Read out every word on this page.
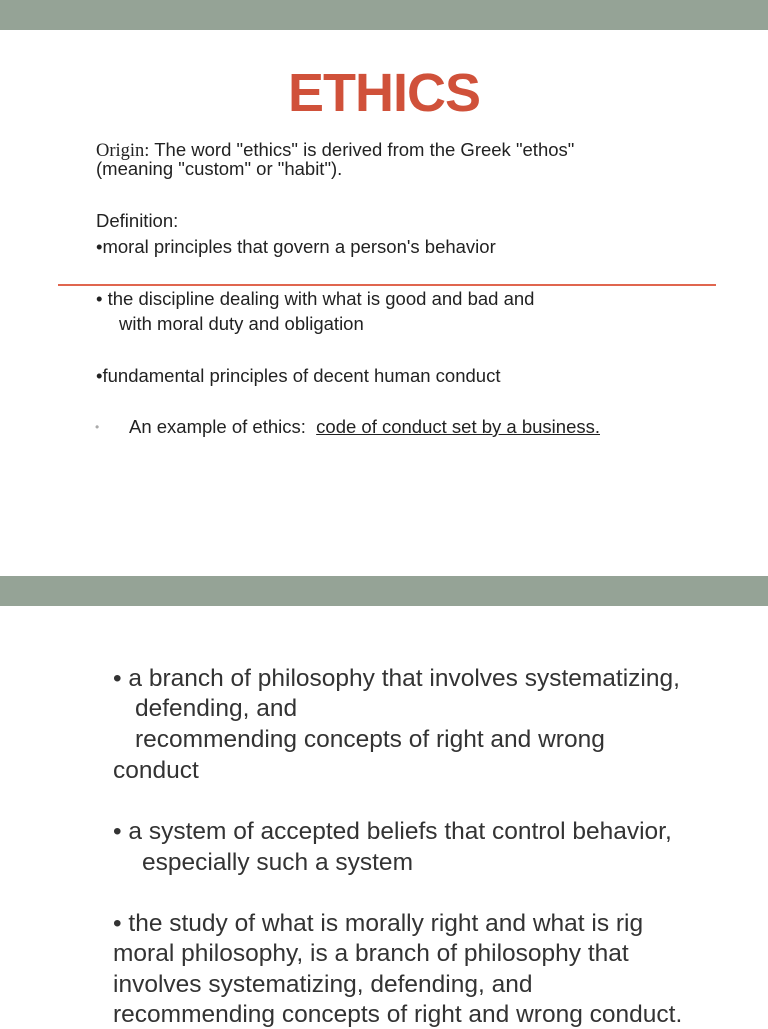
ETHICS
Origin: The word "ethics" is derived from the Greek "ethos"
(meaning "custom" or "habit").
Definition:
•moral principles that govern a person's behavior
• the discipline dealing with what is good and bad and
with moral duty and obligation
•fundamental principles of decent human conduct
• An example of ethics: code of conduct set by a business.
• a branch of philosophy that involves systematizing,
defending, and
recommending concepts of right and wrong
conduct
• a system of accepted beliefs that control behavior,
especially such a system
• the study of what is morally right and what is rig
moral philosophy, is a branch of philosophy that
involves systematizing, defending, and
recommending concepts of right and wrong conduct.
